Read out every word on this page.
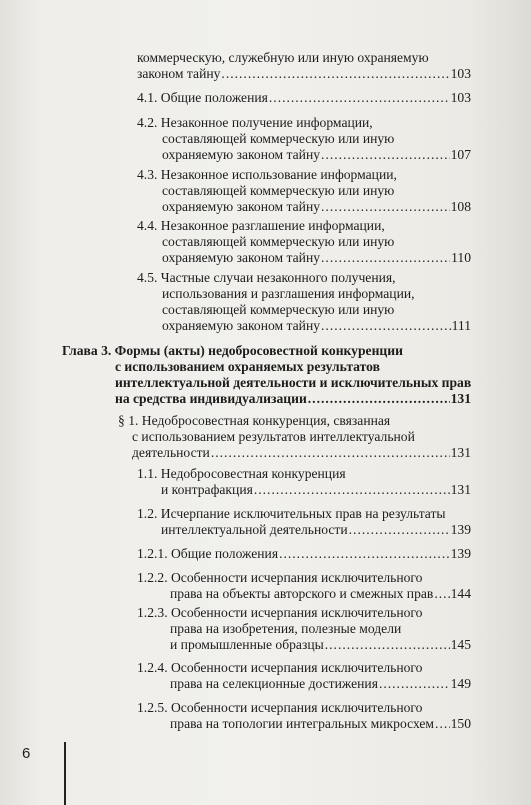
коммерческую, служебную или иную охраняемую
законом тайну .....	103
4.1. Общие положения .....	103
4.2. Незаконное получение информации,
составляющей коммерческую или иную
охраняемую законом тайну .....	107
4.3. Незаконное использование информации,
составляющей коммерческую или иную
охраняемую законом тайну .....	108
4.4. Незаконное разглашение информации,
составляющей коммерческую или иную
охраняемую законом тайну .....	110
4.5. Частные случаи незаконного получения,
использования и разглашения информации,
составляющей коммерческую или иную
охраняемую законом тайну .....	111
Глава 3. Формы (акты) недобросовестной конкуренции
с использованием охраняемых результатов
интеллектуальной деятельности и исключительных прав
на средства индивидуализации .....	131
§ 1. Недобросовестная конкуренция, связанная
с использованием результатов интеллектуальной
деятельности .....	131
1.1. Недобросовестная конкуренция
и контрафакция .....	131
1.2. Исчерпание исключительных прав на результаты
интеллектуальной деятельности .....	139
1.2.1. Общие положения .....	139
1.2.2. Особенности исчерпания исключительного
права на объекты авторского и смежных прав ..... 144
1.2.3. Особенности исчерпания исключительного
права на изобретения, полезные модели
и промышленные образцы .....	145
1.2.4. Особенности исчерпания исключительного
права на селекционные достижения .....	149
1.2.5. Особенности исчерпания исключительного
права на топологии интегральных микросхем ..... 150
6
